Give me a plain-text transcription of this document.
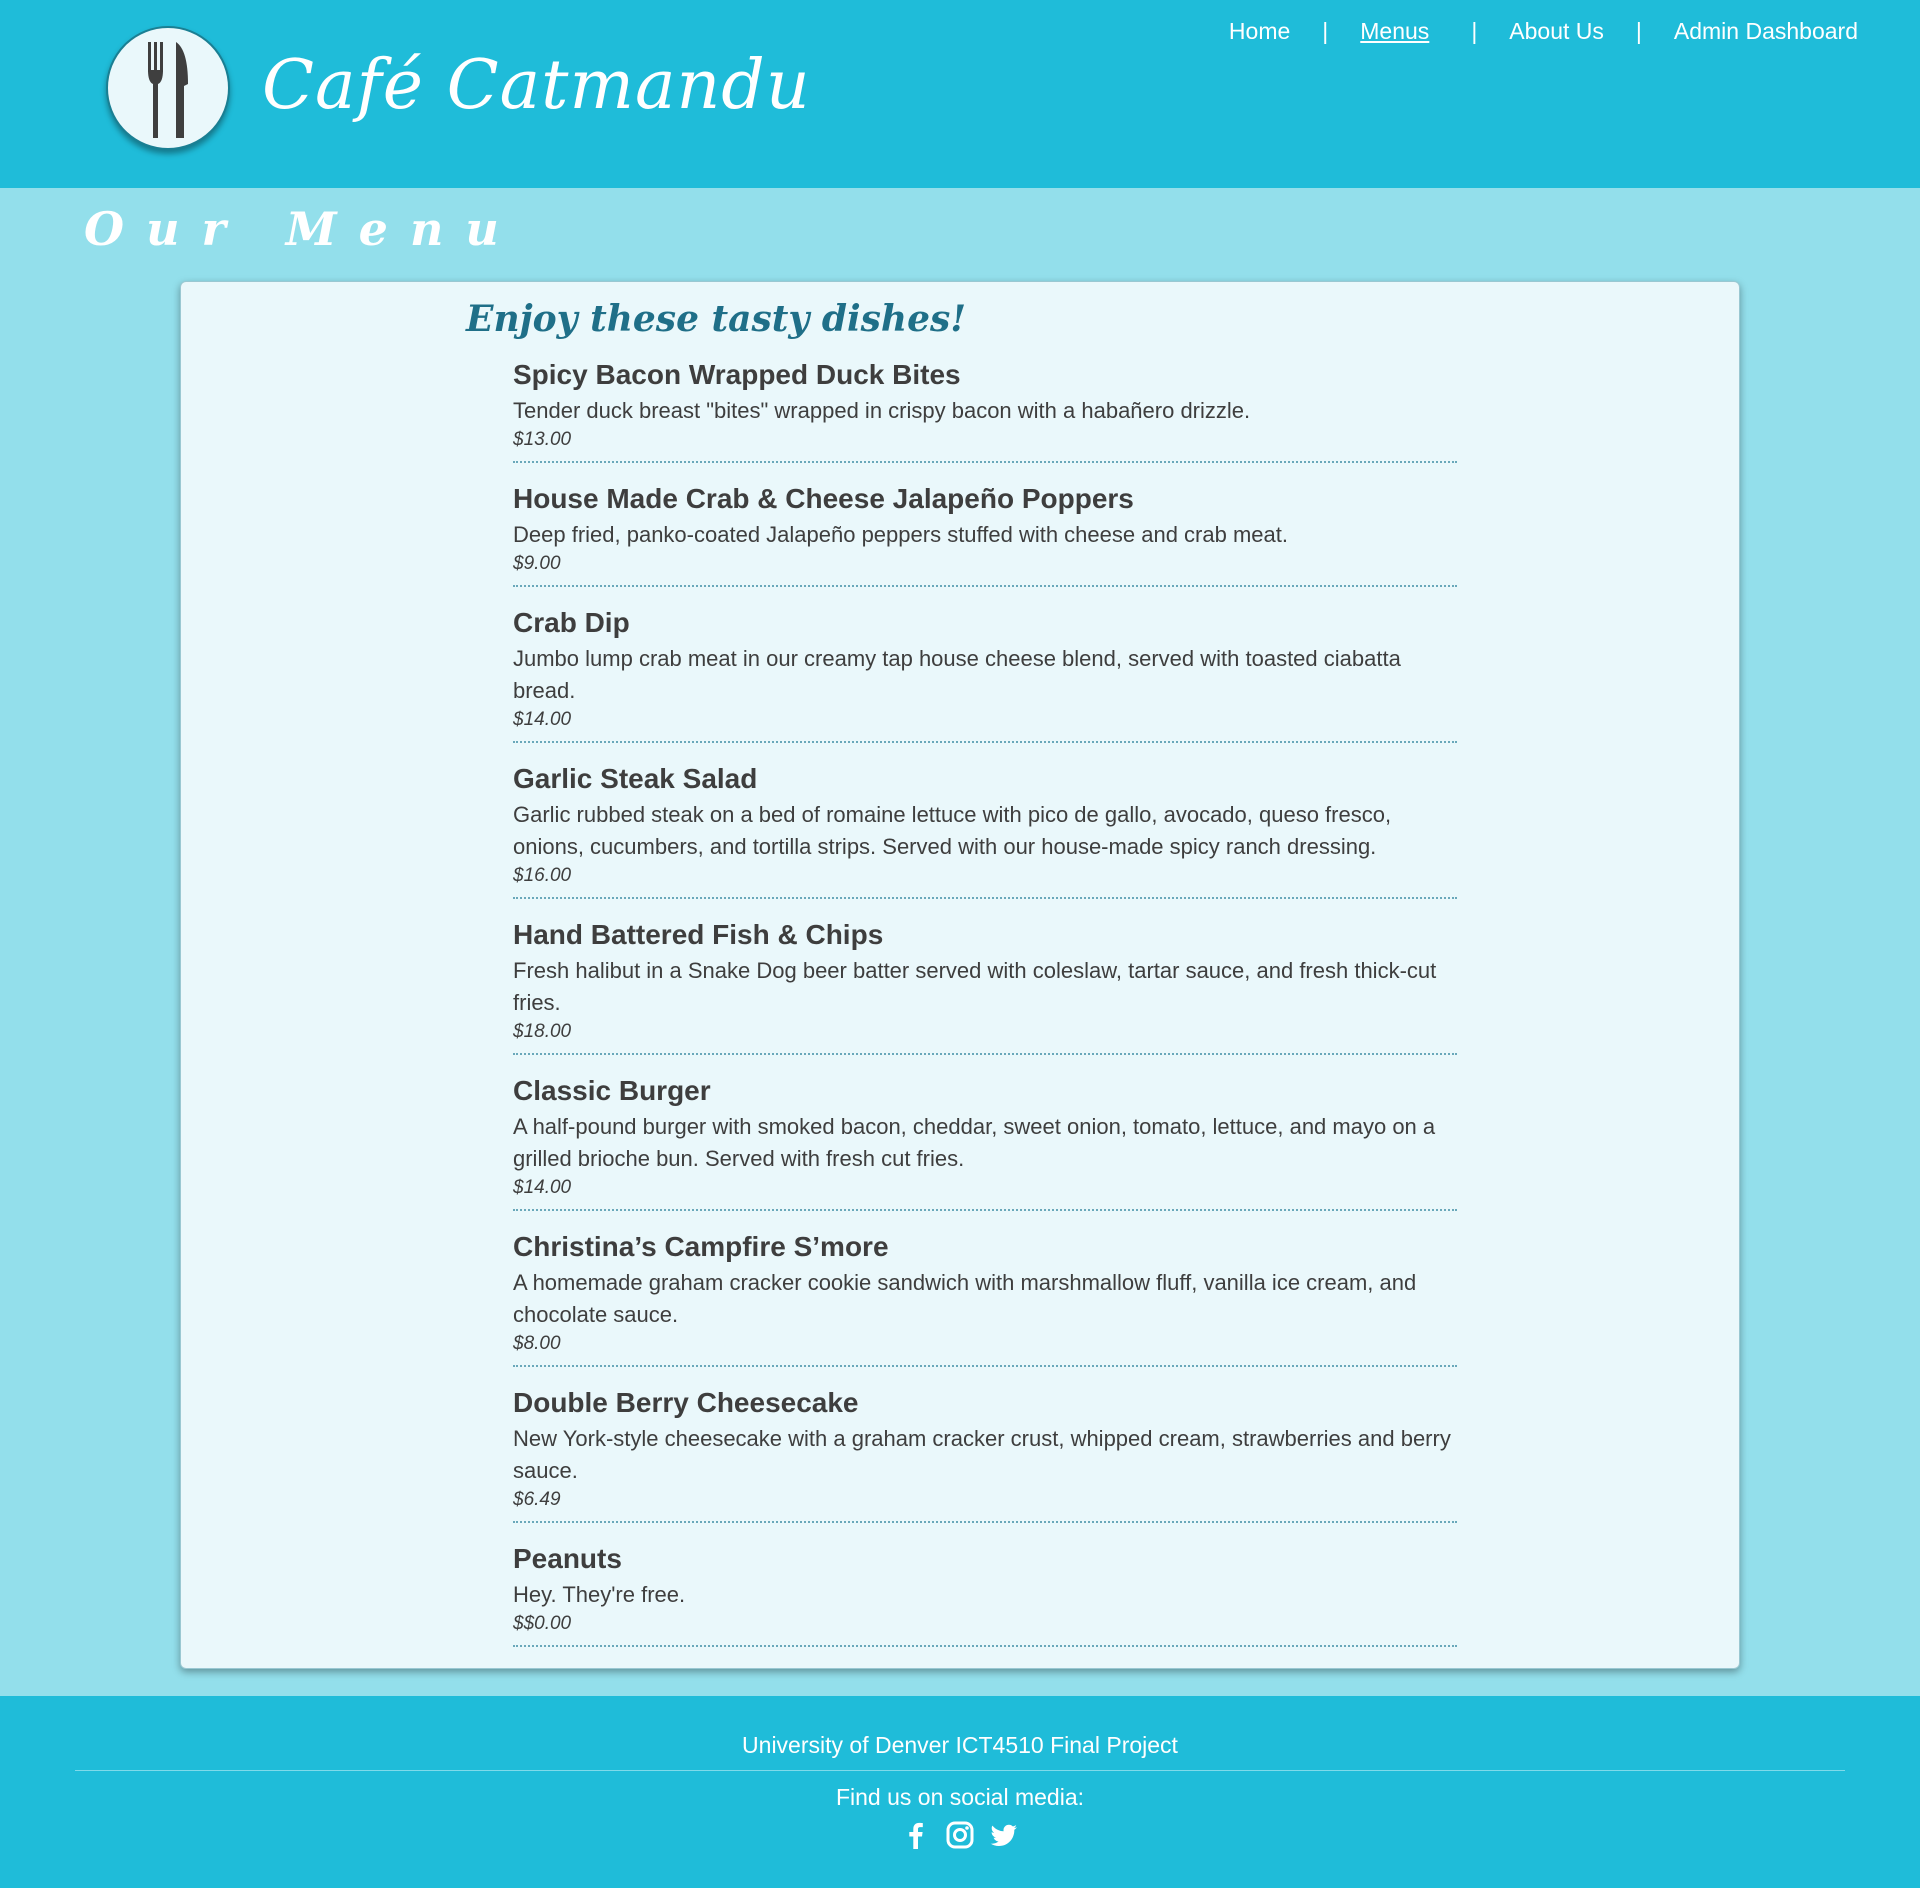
Café Catmandu
Home | Menus | About Us | Admin Dashboard
Our Menu
Enjoy these tasty dishes!
Spicy Bacon Wrapped Duck Bites
Tender duck breast "bites" wrapped in crispy bacon with a habañero drizzle.
$13.00
House Made Crab & Cheese Jalapeño Poppers
Deep fried, panko-coated Jalapeño peppers stuffed with cheese and crab meat.
$9.00
Crab Dip
Jumbo lump crab meat in our creamy tap house cheese blend, served with toasted ciabatta bread.
$14.00
Garlic Steak Salad
Garlic rubbed steak on a bed of romaine lettuce with pico de gallo, avocado, queso fresco, onions, cucumbers, and tortilla strips. Served with our house-made spicy ranch dressing.
$16.00
Hand Battered Fish & Chips
Fresh halibut in a Snake Dog beer batter served with coleslaw, tartar sauce, and fresh thick-cut fries.
$18.00
Classic Burger
A half-pound burger with smoked bacon, cheddar, sweet onion, tomato, lettuce, and mayo on a grilled brioche bun. Served with fresh cut fries.
$14.00
Christina’s Campfire S’more
A homemade graham cracker cookie sandwich with marshmallow fluff, vanilla ice cream, and chocolate sauce.
$8.00
Double Berry Cheesecake
New York-style cheesecake with a graham cracker crust, whipped cream, strawberries and berry sauce.
$6.49
Peanuts
Hey. They're free.
$$0.00
University of Denver ICT4510 Final Project
Find us on social media:
